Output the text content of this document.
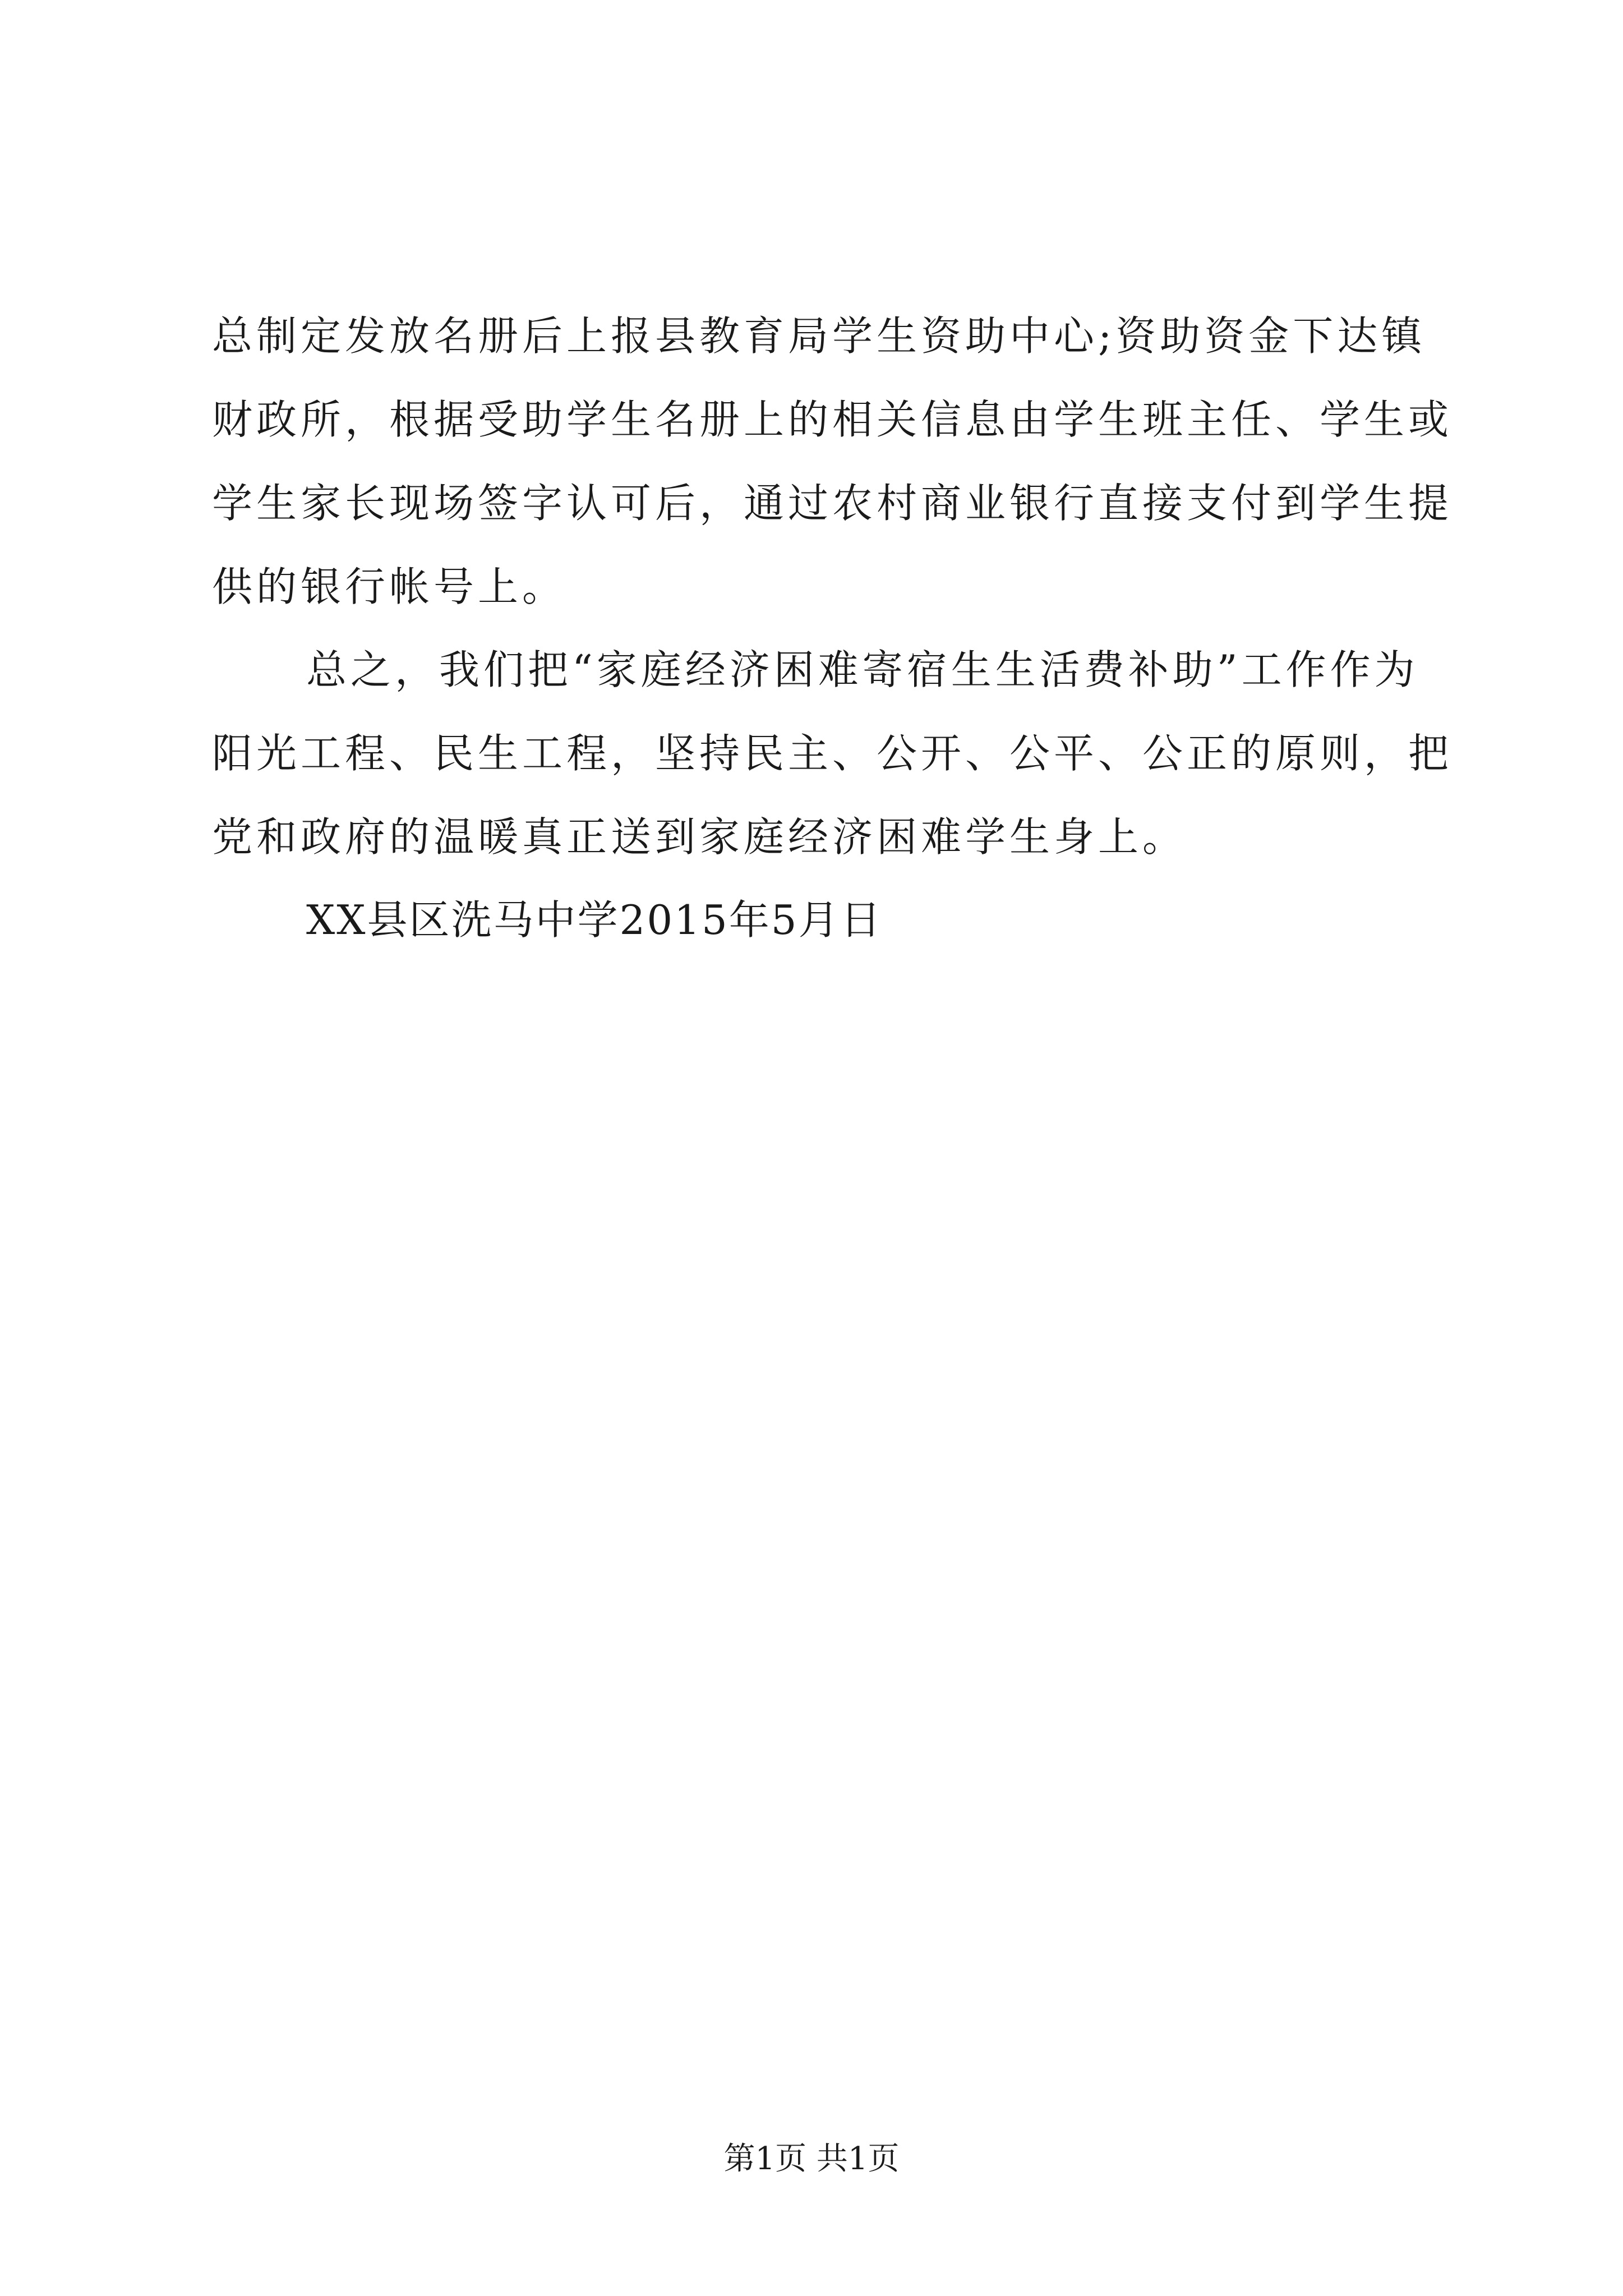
总制定发放名册后上报县教育局学生资助中心;资助资金下达镇
财政所，根据受助学生名册上的相关信息由学生班主任、学生或
学生家长现场签字认可后，通过农村商业银行直接支付到学生提
供的银行帐号上。
总之，我们把“家庭经济困难寄宿生生活费补助”工作作为
阳光工程、民生工程，坚持民主、公开、公平、公正的原则，把
党和政府的温暖真正送到家庭经济困难学生身上。
XX县区洗马中学2015年5月日
第1页 共1页
